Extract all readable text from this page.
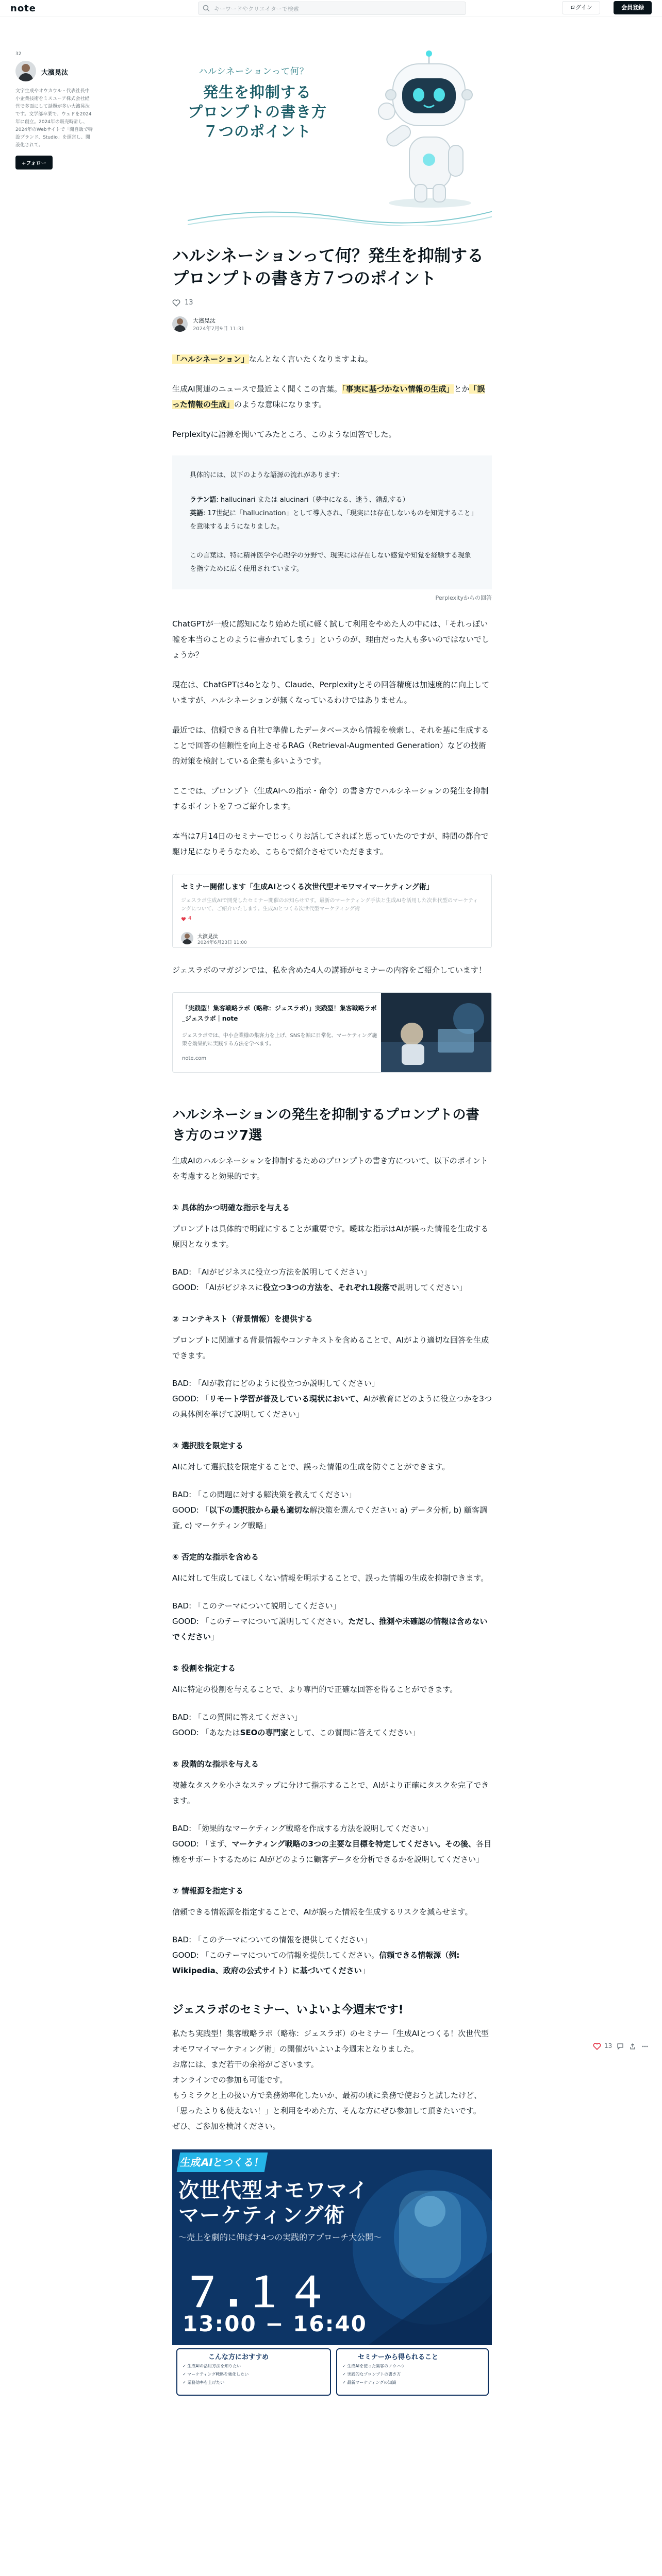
note	キーワードやクリエイターで検索	ログイン	会員登録
32
大濱晃汰
文字生成やオウカウル・代表社長中小企業技術をミスユーア株式会社経営で多面にして話題が多い大濱晃汰です。文学部卒業で、ウェドを2024年に創立。2024年の販売時計し、2024年のWebサイトで「開自販で特設プランド、Studio」を運営し、開設化されて。
+フォロー
ハルシネーションって何？
発生を抑制する
プロンプトの書き方
７つのポイント
ハルシネーションって何？発生を抑制するプロンプトの書き方７つのポイント
13
大濱晃汰
2024年7月9日 11:31
「ハルシネーション」なんとなく言いたくなりますよね。
生成AI関連のニュースで最近よく聞くこの言葉。「事実に基づかない情報の生成」とか「誤った情報の生成」のような意味になります。
Perplexityに語源を聞いてみたところ、このような回答でした。

具体的には、以下のような語源の流れがあります：

ラテン語: hallucinari または alucinari（夢中になる、迷う、錯乱する）
英語: 17世紀に「hallucination」として導入され、「現実には存在しないものを知覚すること」を意味するようになりました。

この言葉は、特に精神医学や心理学の分野で、現実には存在しない感覚や知覚を経験する現象を指すために広く使用されています。

Perplexityからの回答
ChatGPTが一般に認知になり始めた頃に軽く試して利用をやめた人の中には、「それっぽい嘘を本当のことのように書かれてしまう」というのが、理由だった人も多いのではないでしょうか？
現在は、ChatGPTは4oとなり、Claude、Perplexityとその回答精度は加速度的に向上していますが、ハルシネーションが無くなっているわけではありません。
最近では、信頼できる自社で準備したデータベースから情報を検索し、それを基に生成することで回答の信頼性を向上させるRAG（Retrieval-Augmented Generation）などの技術的対策を検討している企業も多いようです。
ここでは、プロンプト（生成AIへの指示・命令）の書き方でハルシネーションの発生を抑制するポイントを７つご紹介します。
本当は7月14日のセミナーでじっくりお話してさればと思っていたのですが、時間の都合で駆け足になりそうなため、こちらで紹介させていただきます。
セミナー開催します「生成AIとつくる次世代型オモワマイマーケティング術」
ジェスラボ生成AIで開発したセミナー開催のお知らせです。最新のマーケティング手法と生成AIを活用した次世代型のマーケティングについて、ご紹介いたします。生成AIとつくる次世代型マーケティング術
4
大濱晃汰
2024年6月23日 11:00
ジェスラボのマガジンでは、私を含めた4人の講師がセミナーの内容をご紹介しています！
「実践型！集客戦略ラボ（略称：ジェスラボ）」実践型！集客戦略ラボ_ジェスラボ｜note
ジェスラボでは、中小企業様の集客力を上げ、SNSを軸に日常化、マーケティング施策を効果的に実践する方法を学べます。
note.com
ハルシネーションの発生を抑制するプロンプトの書き方のコツ7選
生成AIのハルシネーションを抑制するためのプロンプトの書き方について、以下のポイントを考慮すると効果的です。
① 具体的かつ明確な指示を与える
プロンプトは具体的で明確にすることが重要です。曖昧な指示はAIが誤った情報を生成する原因となります。
BAD: 「AIがビジネスに役立つ方法を説明してください」
GOOD: 「AIがビジネスに役立つ3つの方法を、それぞれ1段落で説明してください」
② コンテキスト（背景情報）を提供する
プロンプトに関連する背景情報やコンテキストを含めることで、AIがより適切な回答を生成できます。
BAD: 「AIが教育にどのように役立つか説明してください」
GOOD: 「リモート学習が普及している現状において、AIが教育にどのように役立つかを3つの具体例を挙げて説明してください」
③ 選択肢を限定する
AIに対して選択肢を限定することで、誤った情報の生成を防ぐことができます。
BAD: 「この問題に対する解決策を教えてください」
GOOD: 「以下の選択肢から最も適切な解決策を選んでください: a) データ分析, b) 顧客調査, c) マーケティング戦略」
④ 否定的な指示を含める
AIに対して生成してほしくない情報を明示することで、誤った情報の生成を抑制できます。
BAD: 「このテーマについて説明してください」
GOOD: 「このテーマについて説明してください。ただし、推測や未確認の情報は含めないでください」
⑤ 役割を指定する
AIに特定の役割を与えることで、より専門的で正確な回答を得ることができます。
BAD: 「この質問に答えてください」
GOOD: 「あなたはSEOの専門家として、この質問に答えてください」
⑥ 段階的な指示を与える
複雑なタスクを小さなステップに分けて指示することで、AIがより正確にタスクを完了できます。
BAD: 「効果的なマーケティング戦略を作成する方法を説明してください」
GOOD: 「まず、マーケティング戦略の3つの主要な目標を特定してください。その後、各目標をサポートするために AIがどのように顧客データを分析できるかを説明してください」
⑦ 情報源を指定する
信頼できる情報源を指定することで、AIが誤った情報を生成するリスクを減らせます。
BAD: 「このテーマについての情報を提供してください」
GOOD: 「このテーマについての情報を提供してください。信頼できる情報源（例: Wikipedia、政府の公式サイト）に基づいてください」
ジェスラボのセミナー、いよいよ今週末です!
私たち実践型！集客戦略ラボ（略称：ジェスラボ）のセミナー「生成AIとつくる！次世代型オモワマイマーケティング術」の開催がいよいよ今週末となりました。
お席には、まだ若干の余裕がございます。
オンラインでの参加も可能です。
もうミラクと上の扱い方で業務効率化したいか、最初の頃に業務で使おうと試したけど、「思ったよりも使えない！」と利用をやめた方、そんな方にぜひ参加して頂きたいです。
ぜひ、ご参加を検討ください。
生成AIとつくる！
次世代型オモワマイ
マーケティング術
〜売上を劇的に伸ばす4つの実践的アプローチ大公開〜
７.１４
13:00 − 16:40
こんな方におすすめ	セミナーから得られること
✓ 生成AIの活用方法を知りたい
✓ マーケティング戦略を強化したい
✓ 業務効率を上げたい
✓ 生成AIを使った集客のノウハウ
✓ 実践的なプロンプトの書き方
✓ 最新マーケティングの知識
13
